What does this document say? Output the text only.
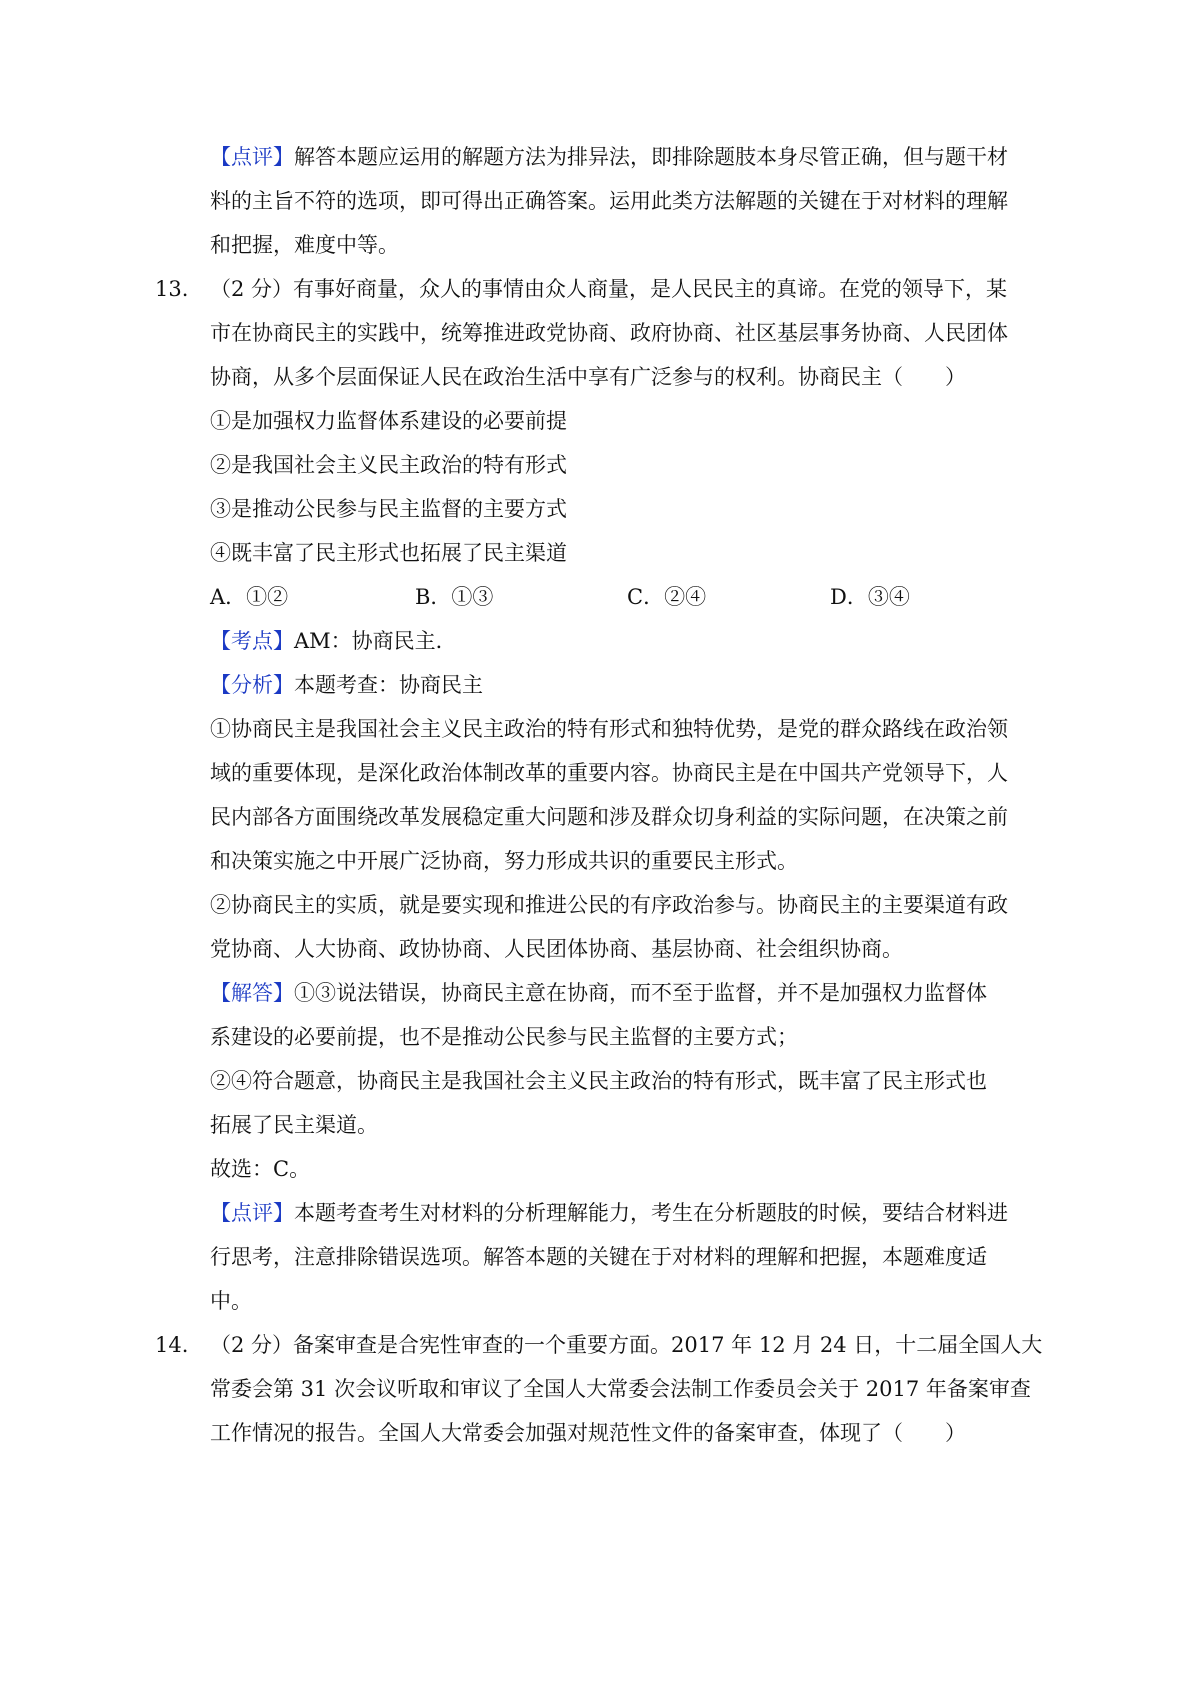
【点评】解答本题应运用的解题方法为排异法，即排除题肢本身尽管正确，但与题干材
料的主旨不符的选项，即可得出正确答案。运用此类方法解题的关键在于对材料的理解
和把握，难度中等。
13. （2 分）有事好商量，众人的事情由众人商量，是人民民主的真谛。在党的领导下，某
市在协商民主的实践中，统筹推进政党协商、政府协商、社区基层事务协商、人民团体
协商，从多个层面保证人民在政治生活中享有广泛参与的权利。协商民主（　　）
①是加强权力监督体系建设的必要前提
②是我国社会主义民主政治的特有形式
③是推动公民参与民主监督的主要方式
④既丰富了民主形式也拓展了民主渠道
A．①②	B．①③	C．②④	D．③④
【考点】AM：协商民主．
【分析】本题考查：协商民主
①协商民主是我国社会主义民主政治的特有形式和独特优势，是党的群众路线在政治领
域的重要体现，是深化政治体制改革的重要内容。协商民主是在中国共产党领导下，人
民内部各方面围绕改革发展稳定重大问题和涉及群众切身利益的实际问题，在决策之前
和决策实施之中开展广泛协商，努力形成共识的重要民主形式。
②协商民主的实质，就是要实现和推进公民的有序政治参与。协商民主的主要渠道有政
党协商、人大协商、政协协商、人民团体协商、基层协商、社会组织协商。
【解答】①③说法错误，协商民主意在协商，而不至于监督，并不是加强权力监督体
系建设的必要前提，也不是推动公民参与民主监督的主要方式；
②④符合题意，协商民主是我国社会主义民主政治的特有形式，既丰富了民主形式也
拓展了民主渠道。
故选：C。
【点评】本题考查考生对材料的分析理解能力，考生在分析题肢的时候，要结合材料进
行思考，注意排除错误选项。解答本题的关键在于对材料的理解和把握，本题难度适
中。
14. （2 分）备案审查是合宪性审查的一个重要方面。2017 年 12 月 24 日，十二届全国人大
常委会第 31 次会议听取和审议了全国人大常委会法制工作委员会关于 2017 年备案审查
工作情况的报告。全国人大常委会加强对规范性文件的备案审查，体现了（　　）
